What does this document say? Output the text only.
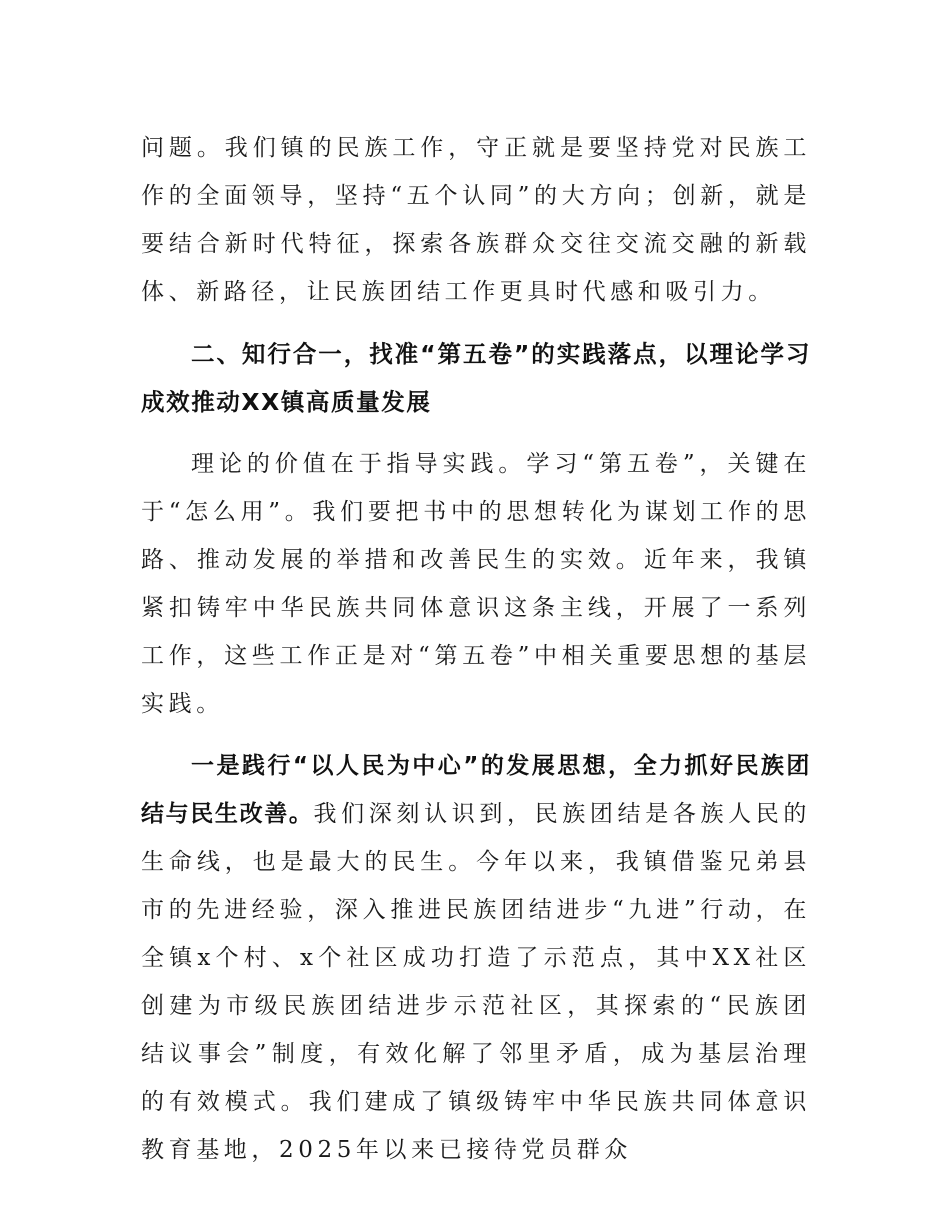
问题。我们镇的民族工作，守正就是要坚持党对民族工作的全面领导，坚持“五个认同”的大方向；创新，就是要结合新时代特征，探索各族群众交往交流交融的新载体、新路径，让民族团结工作更具时代感和吸引力。

二、知行合一，找准“第五卷”的实践落点，以理论学习成效推动XX镇高质量发展

理论的价值在于指导实践。学习“第五卷”，关键在于“怎么用”。我们要把书中的思想转化为谋划工作的思路、推动发展的举措和改善民生的实效。近年来，我镇紧扣铸牢中华民族共同体意识这条主线，开展了一系列工作，这些工作正是对“第五卷”中相关重要思想的基层实践。

一是践行“以人民为中心”的发展思想，全力抓好民族团结与民生改善。我们深刻认识到，民族团结是各族人民的生命线，也是最大的民生。今年以来，我镇借鉴兄弟县市的先进经验，深入推进民族团结进步“九进”行动，在全镇x个村、x个社区成功打造了示范点，其中XX社区创建为市级民族团结进步示范社区，其探索的“民族团结议事会”制度，有效化解了邻里矛盾，成为基层治理的有效模式。我们建成了镇级铸牢中华民族共同体意识教育基地，2025年以来已接待党员群众
